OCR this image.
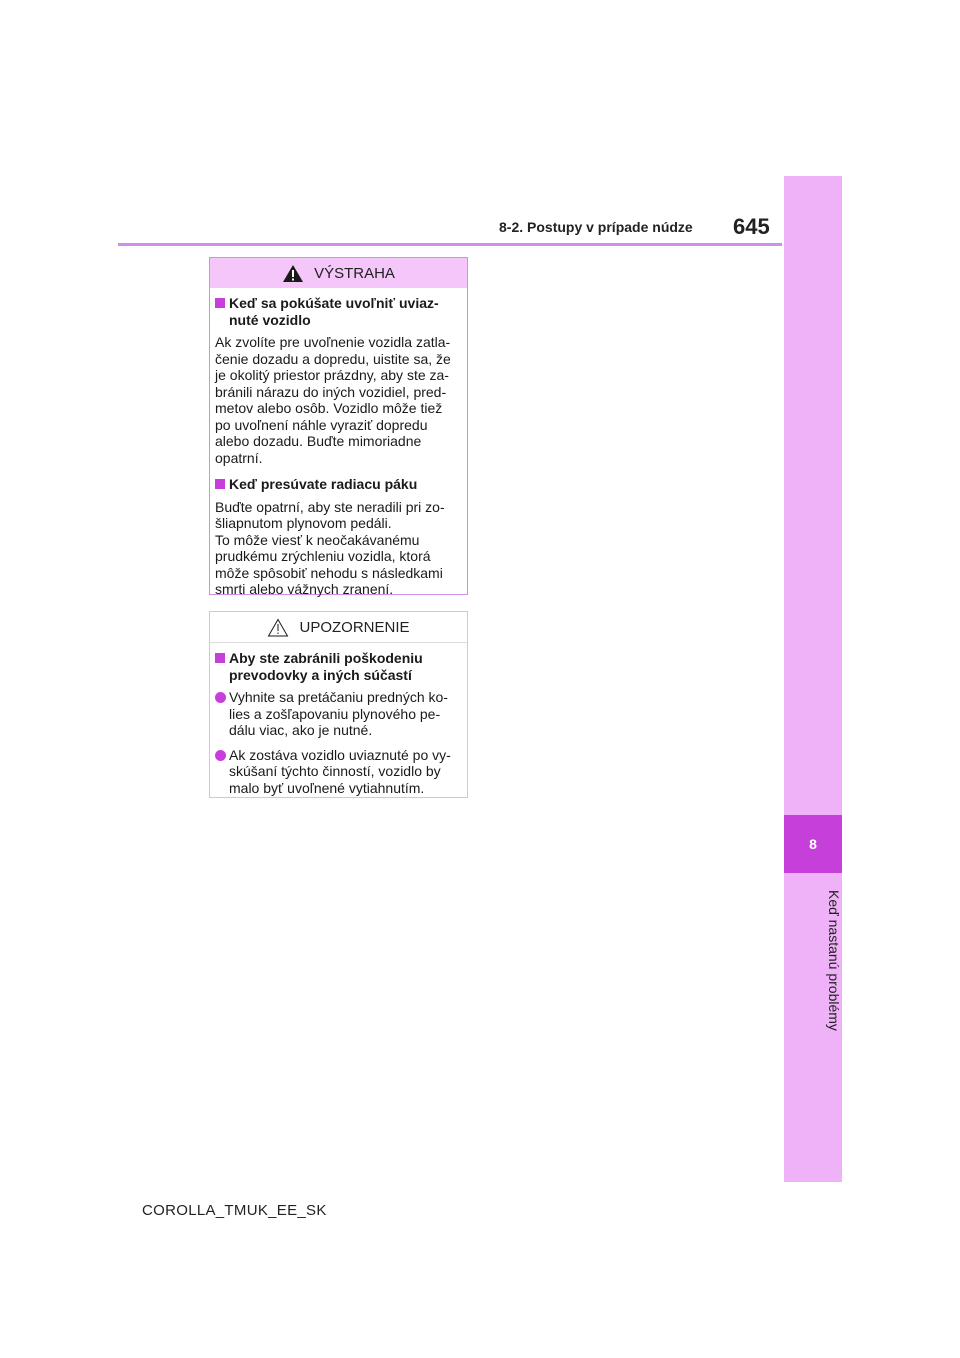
8-2. Postupy v prípade núdze 645
8
Keď nastanú problémy
VÝSTRAHA
Keď sa pokúšate uvoľniť uviaz-
nuté vozidlo

Ak zvolíte pre uvoľnenie vozidla zatla-

čenie dozadu a dopredu, uistite sa, že

je okolitý priestor prázdny, aby ste za-

bránili nárazu do iných vozidiel, pred-

metov alebo osôb. Vozidlo môže tiež

po uvoľnení náhle vyraziť dopredu

alebo dozadu. Buďte mimoriadne

opatrní.

Keď presúvate radiacu páku

Buďte opatrní, aby ste neradili pri zo-

šliapnutom plynovom pedáli.

To môže viesť k neočakávanému

prudkému zrýchleniu vozidla, ktorá

môže spôsobiť nehodu s následkami

smrti alebo vážnych zranení.

UPOZORNENIE
Aby ste zabránili poškodeniu
prevodovky a iných súčastí
Vyhnite sa pretáčaniu predných ko-
lies a zošľapovaniu plynového pe-
dálu viac, ako je nutné.
Ak zostáva vozidlo uviaznuté po vy-
skúšaní týchto činností, vozidlo by
malo byť uvoľnené vytiahnutím.
COROLLA_TMUK_EE_SK
